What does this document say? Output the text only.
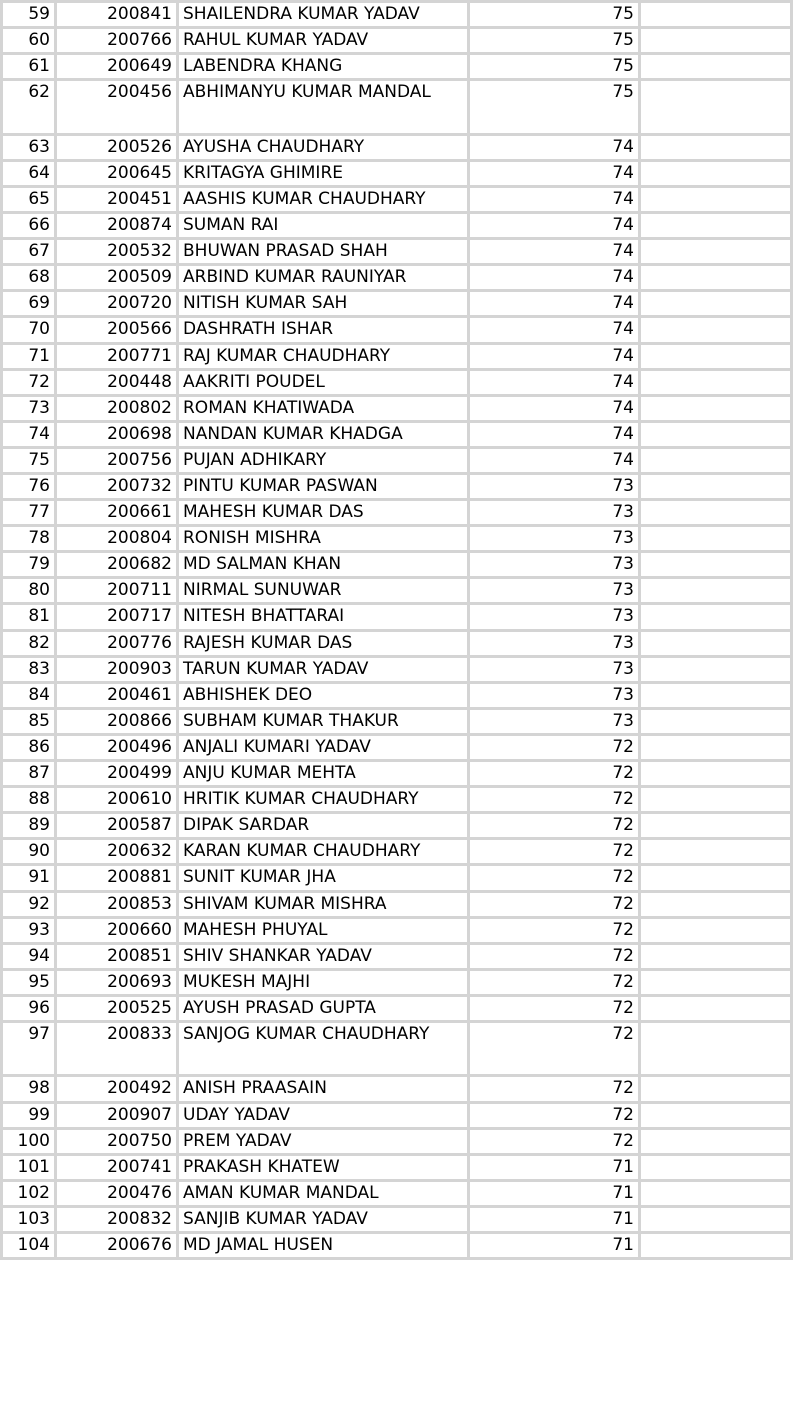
59	200841	SHAILENDRA KUMAR YADAV	75	
60	200766	RAHUL KUMAR YADAV	75	
61	200649	LABENDRA KHANG	75	
62	200456	ABHIMANYU KUMAR MANDAL	75	
63	200526	AYUSHA CHAUDHARY	74	
64	200645	KRITAGYA GHIMIRE	74	
65	200451	AASHIS KUMAR CHAUDHARY	74	
66	200874	SUMAN RAI	74	
67	200532	BHUWAN PRASAD SHAH	74	
68	200509	ARBIND KUMAR RAUNIYAR	74	
69	200720	NITISH KUMAR SAH	74	
70	200566	DASHRATH ISHAR	74	
71	200771	RAJ KUMAR CHAUDHARY	74	
72	200448	AAKRITI POUDEL	74	
73	200802	ROMAN KHATIWADA	74	
74	200698	NANDAN KUMAR KHADGA	74	
75	200756	PUJAN ADHIKARY	74	
76	200732	PINTU KUMAR PASWAN	73	
77	200661	MAHESH KUMAR DAS	73	
78	200804	RONISH MISHRA	73	
79	200682	MD SALMAN KHAN	73	
80	200711	NIRMAL SUNUWAR	73	
81	200717	NITESH BHATTARAI	73	
82	200776	RAJESH KUMAR DAS	73	
83	200903	TARUN KUMAR YADAV	73	
84	200461	ABHISHEK DEO	73	
85	200866	SUBHAM KUMAR THAKUR	73	
86	200496	ANJALI KUMARI YADAV	72	
87	200499	ANJU KUMAR MEHTA	72	
88	200610	HRITIK KUMAR CHAUDHARY	72	
89	200587	DIPAK SARDAR	72	
90	200632	KARAN KUMAR CHAUDHARY	72	
91	200881	SUNIT KUMAR JHA	72	
92	200853	SHIVAM KUMAR MISHRA	72	
93	200660	MAHESH PHUYAL	72	
94	200851	SHIV SHANKAR YADAV	72	
95	200693	MUKESH MAJHI	72	
96	200525	AYUSH PRASAD GUPTA	72	
97	200833	SANJOG KUMAR CHAUDHARY	72	
98	200492	ANISH PRAASAIN	72	
99	200907	UDAY YADAV	72	
100	200750	PREM YADAV	72	
101	200741	PRAKASH KHATEW	71	
102	200476	AMAN KUMAR MANDAL	71	
103	200832	SANJIB KUMAR YADAV	71	
104	200676	MD JAMAL HUSEN	71	
